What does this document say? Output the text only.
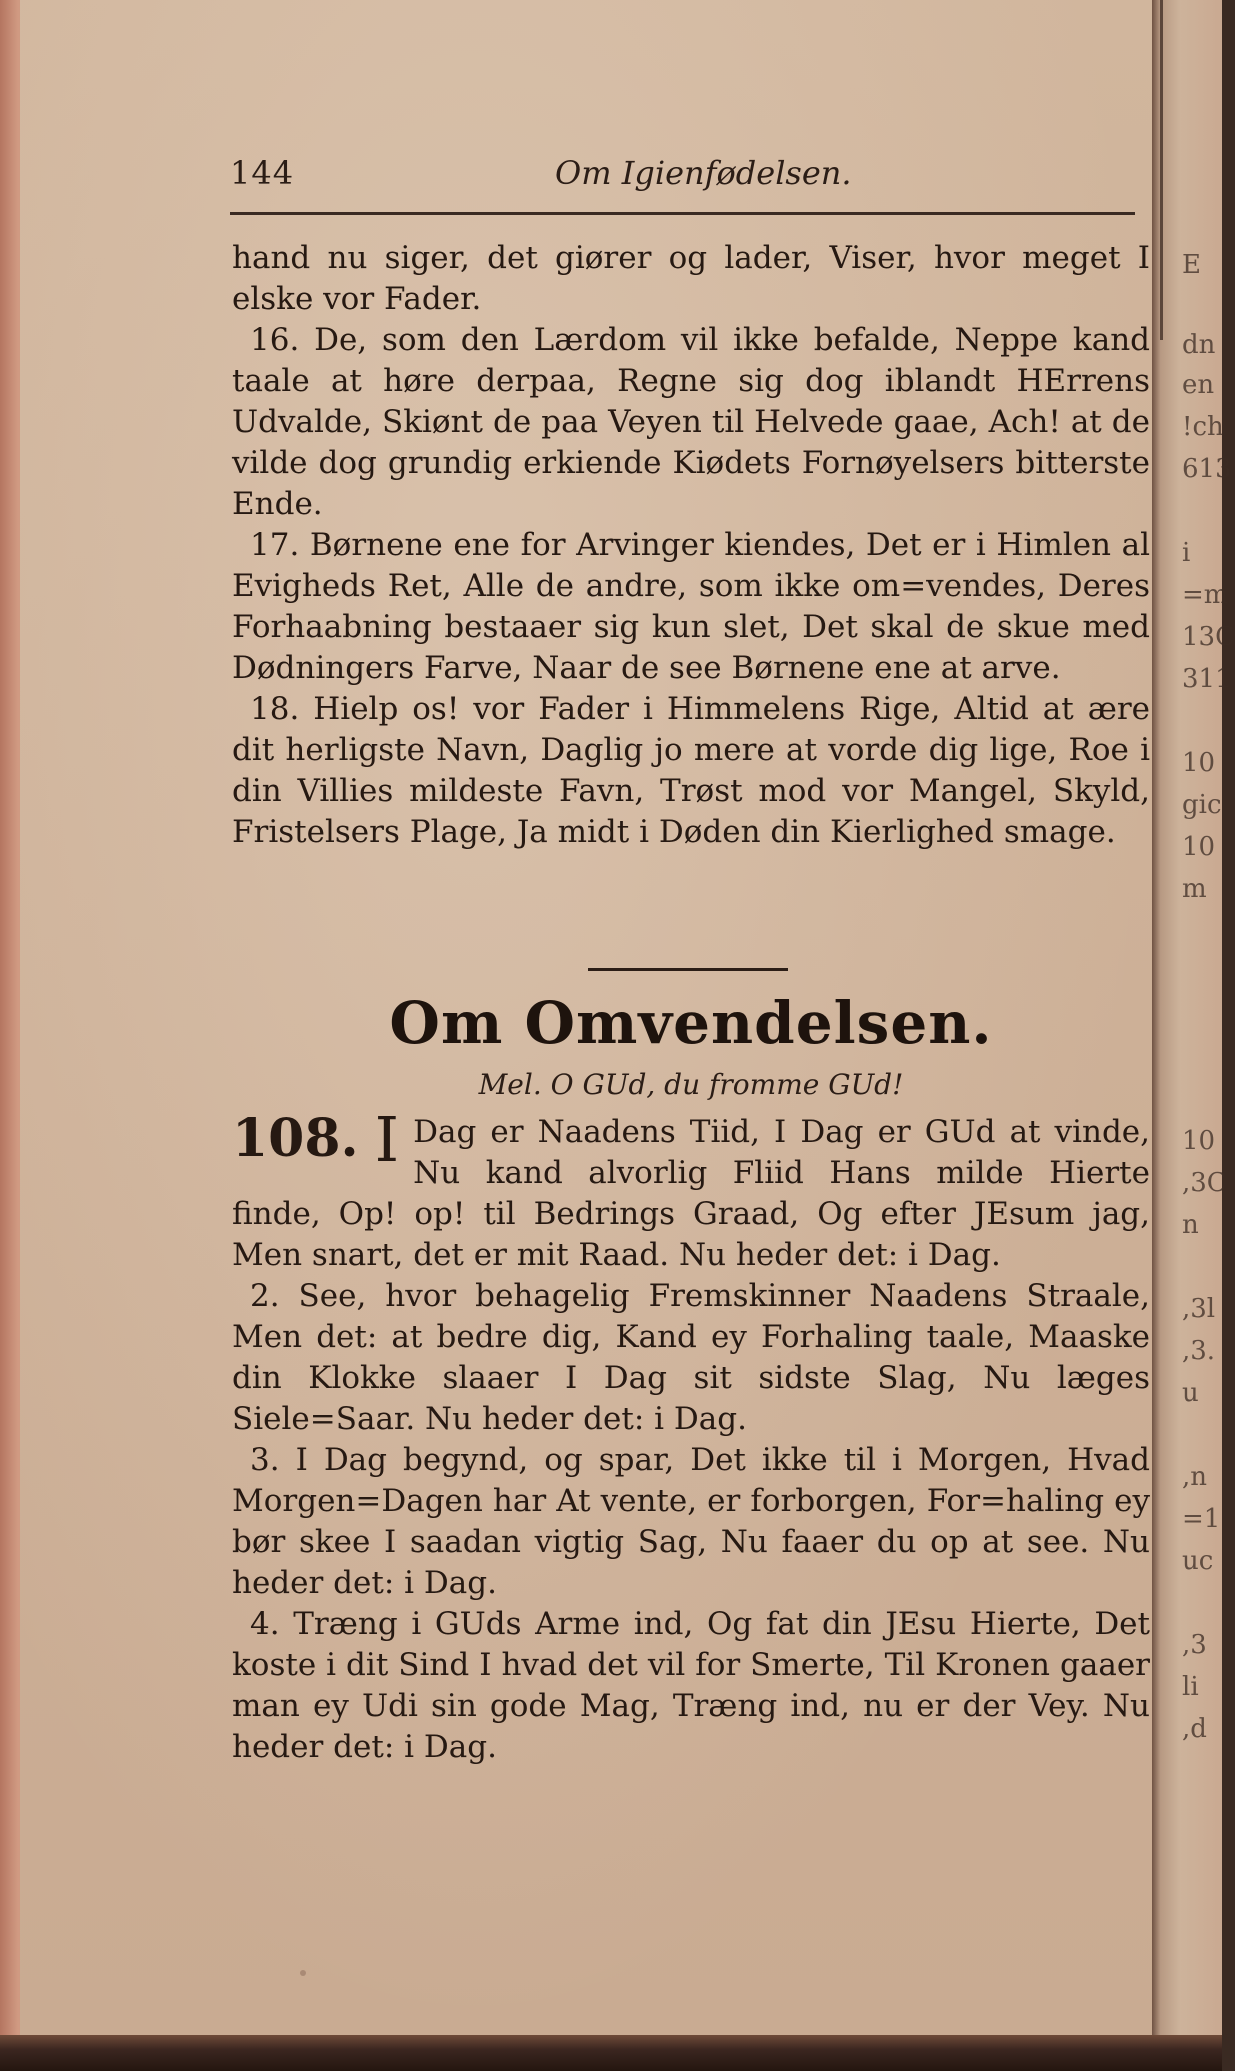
E
dn
en
!ch
613
i
=m
13C
311
10
gic
10
m
10
,3C
n
,3l
,3.
u
,n
=1
uc
,3
li
,d
144	Om Igienfødelsen.

hand nu siger, det giører og lader, Viser, hvor meget I elske vor Fader.

16. De, som den Lærdom vil ikke befalde, Neppe kand taale at høre derpaa, Regne sig dog iblandt HErrens Udvalde, Skiønt de paa Veyen til Helvede gaae, Ach! at de vilde dog grundig erkiende Kiødets Fornøyelsers bitterste Ende.

17. Børnene ene for Arvinger kiendes, Det er i Himlen al Evigheds Ret, Alle de andre, som ikke om=vendes, Deres Forhaabning bestaaer sig kun slet, Det skal de skue med Dødningers Farve, Naar de see Børnene ene at arve.

18. Hielp os! vor Fader i Himmelens Rige, Altid at ære dit herligste Navn, Daglig jo mere at vorde dig lige, Roe i din Villies mildeste Favn, Trøst mod vor Mangel, Skyld, Fristelsers Plage, Ja midt i Døden din Kierlighed smage.

Om Omvendelsen.
Mel. O GUd, du fromme GUd!

108. I Dag er Naadens Tiid, I Dag er GUd at vinde, Nu kand alvorlig Fliid Hans milde Hierte finde, Op! op! til Bedrings Graad, Og efter JEsum jag, Men snart, det er mit Raad. Nu heder det: i Dag.

2. See, hvor behagelig Fremskinner Naadens Straale, Men det: at bedre dig, Kand ey Forhaling taale, Maaske din Klokke slaaer I Dag sit sidste Slag, Nu læges Siele=Saar. Nu heder det: i Dag.

3. I Dag begynd, og spar, Det ikke til i Morgen, Hvad Morgen=Dagen har At vente, er forborgen, For=haling ey bør skee I saadan vigtig Sag, Nu faaer du op at see. Nu heder det: i Dag.

4. Træng i GUds Arme ind, Og fat din JEsu Hierte, Det koste i dit Sind I hvad det vil for Smerte, Til Kronen gaaer man ey Udi sin gode Mag, Træng ind, nu er der Vey. Nu heder det: i Dag.
